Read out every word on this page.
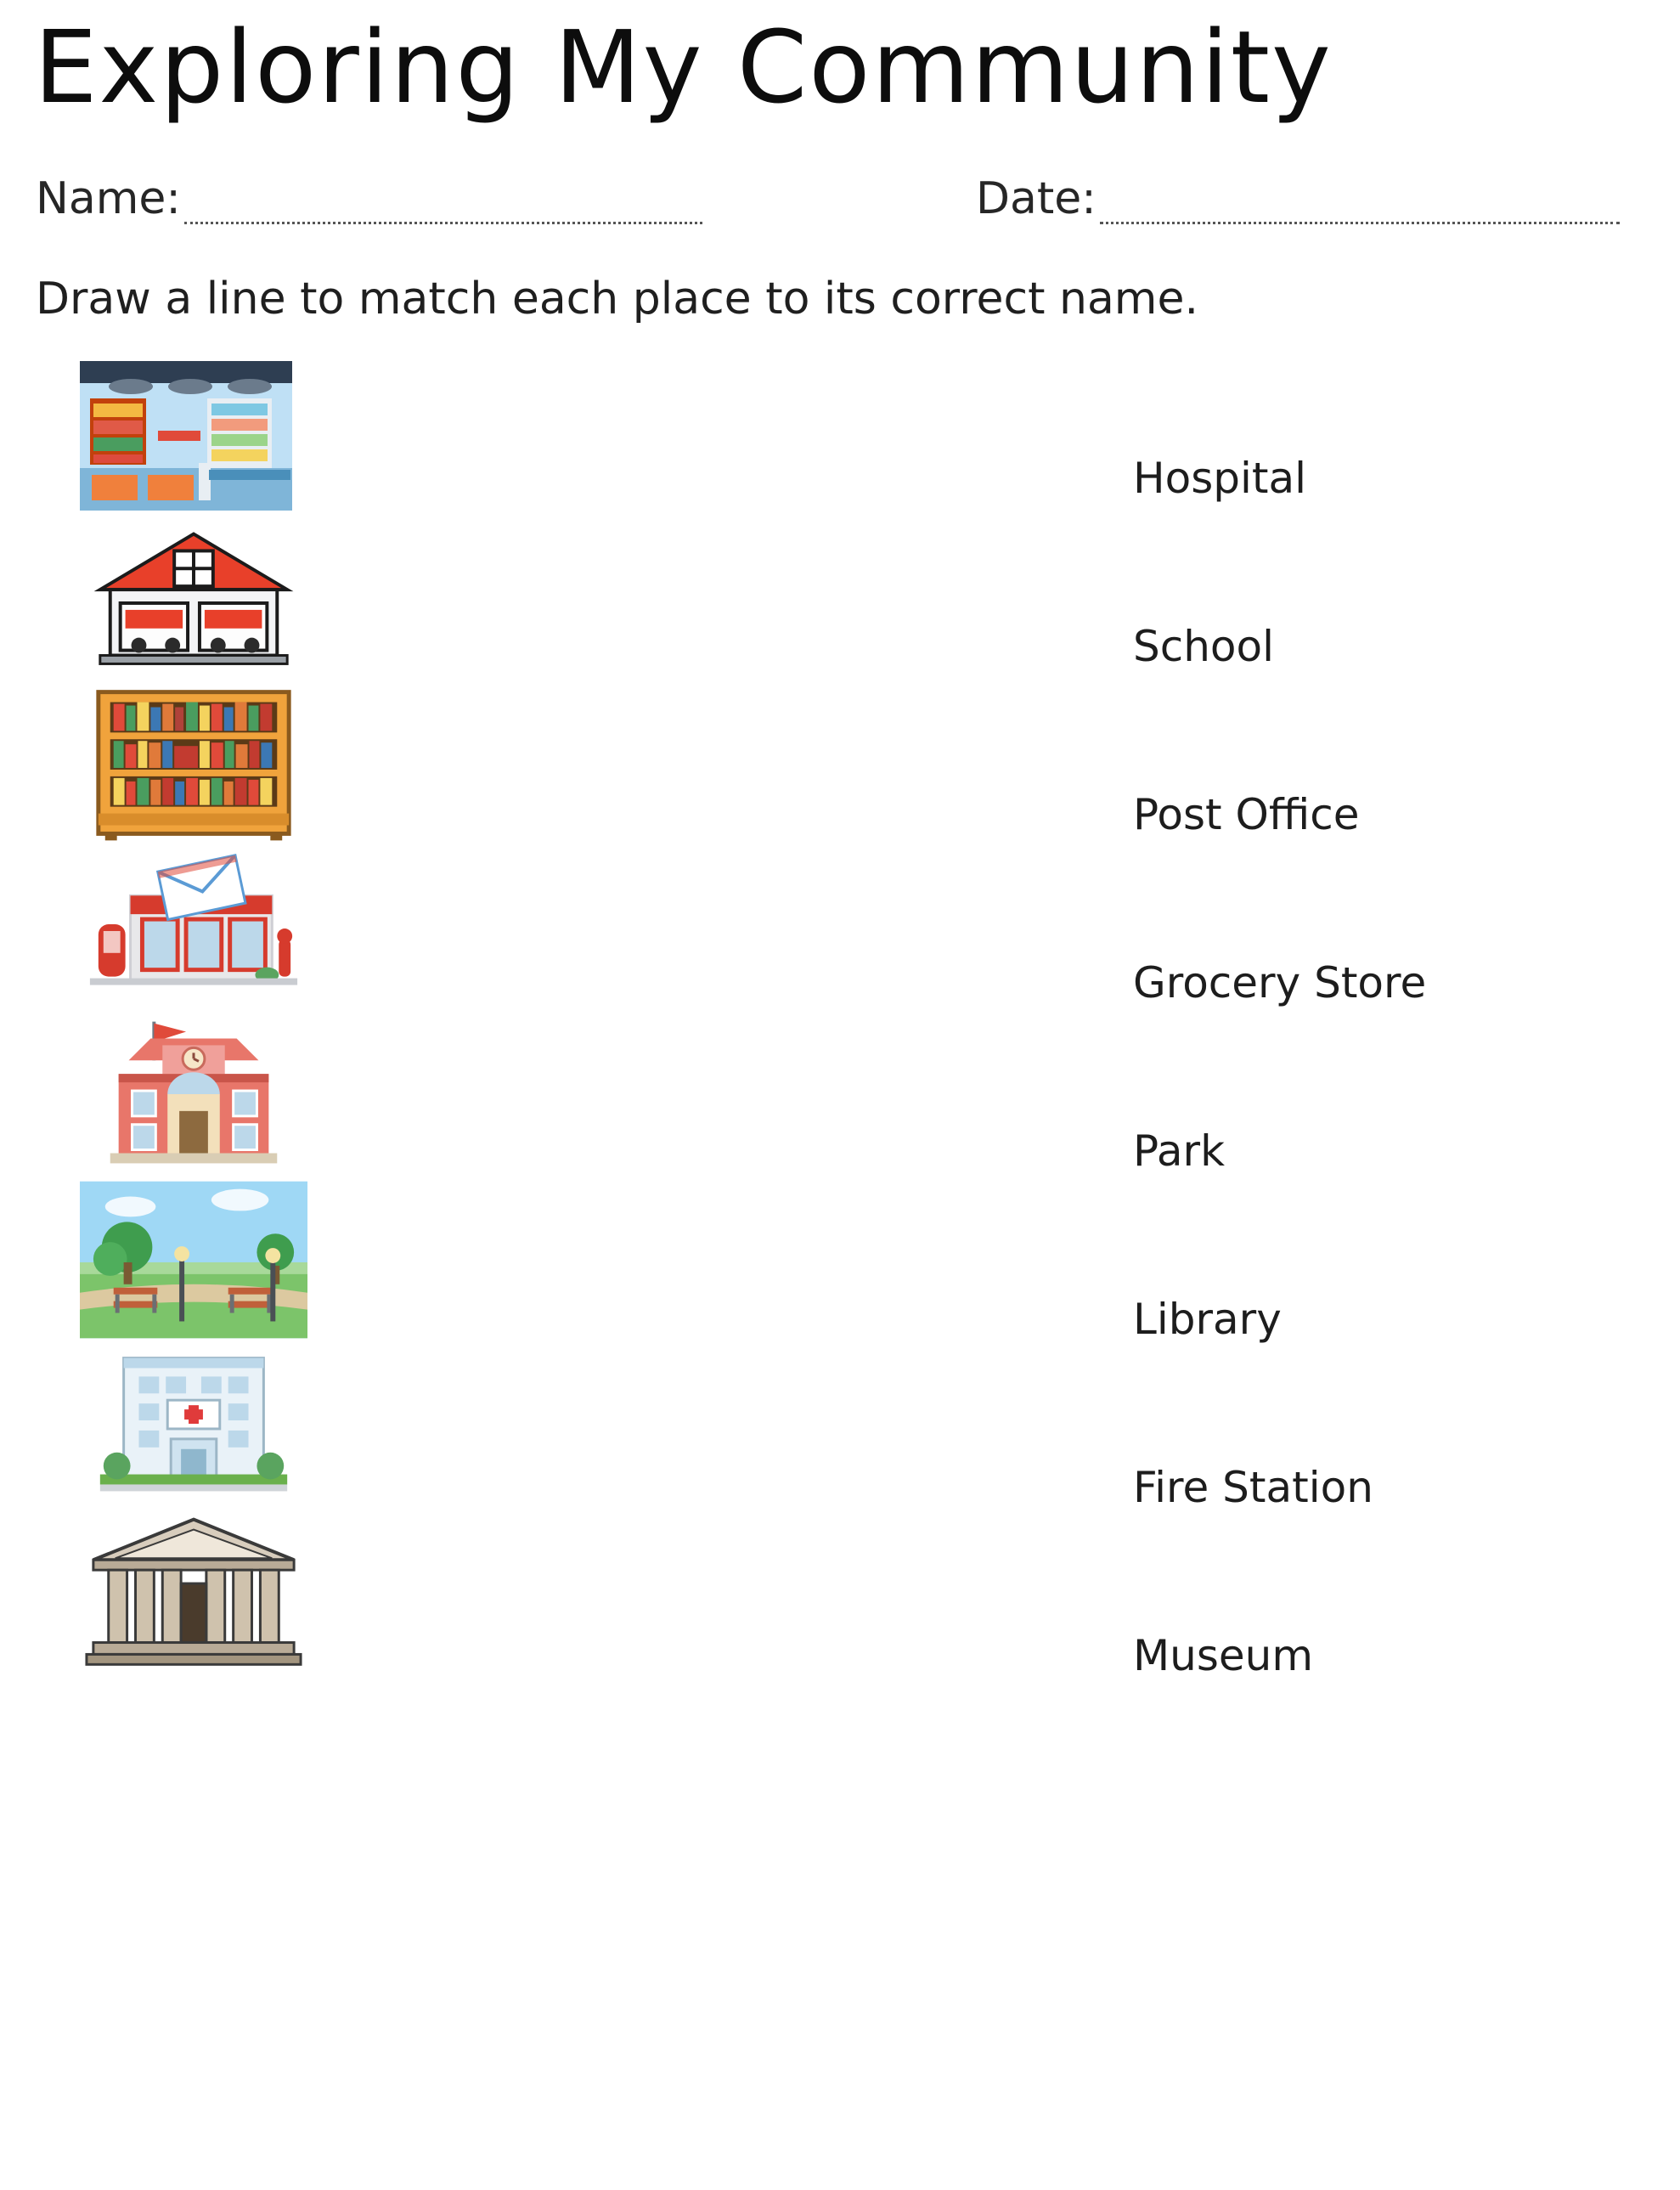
Exploring My Community
Name:	Date:
Draw a line to match each place to its correct name.
Hospital
School
Post Office
Grocery Store
Park
Library
Fire Station
Museum
